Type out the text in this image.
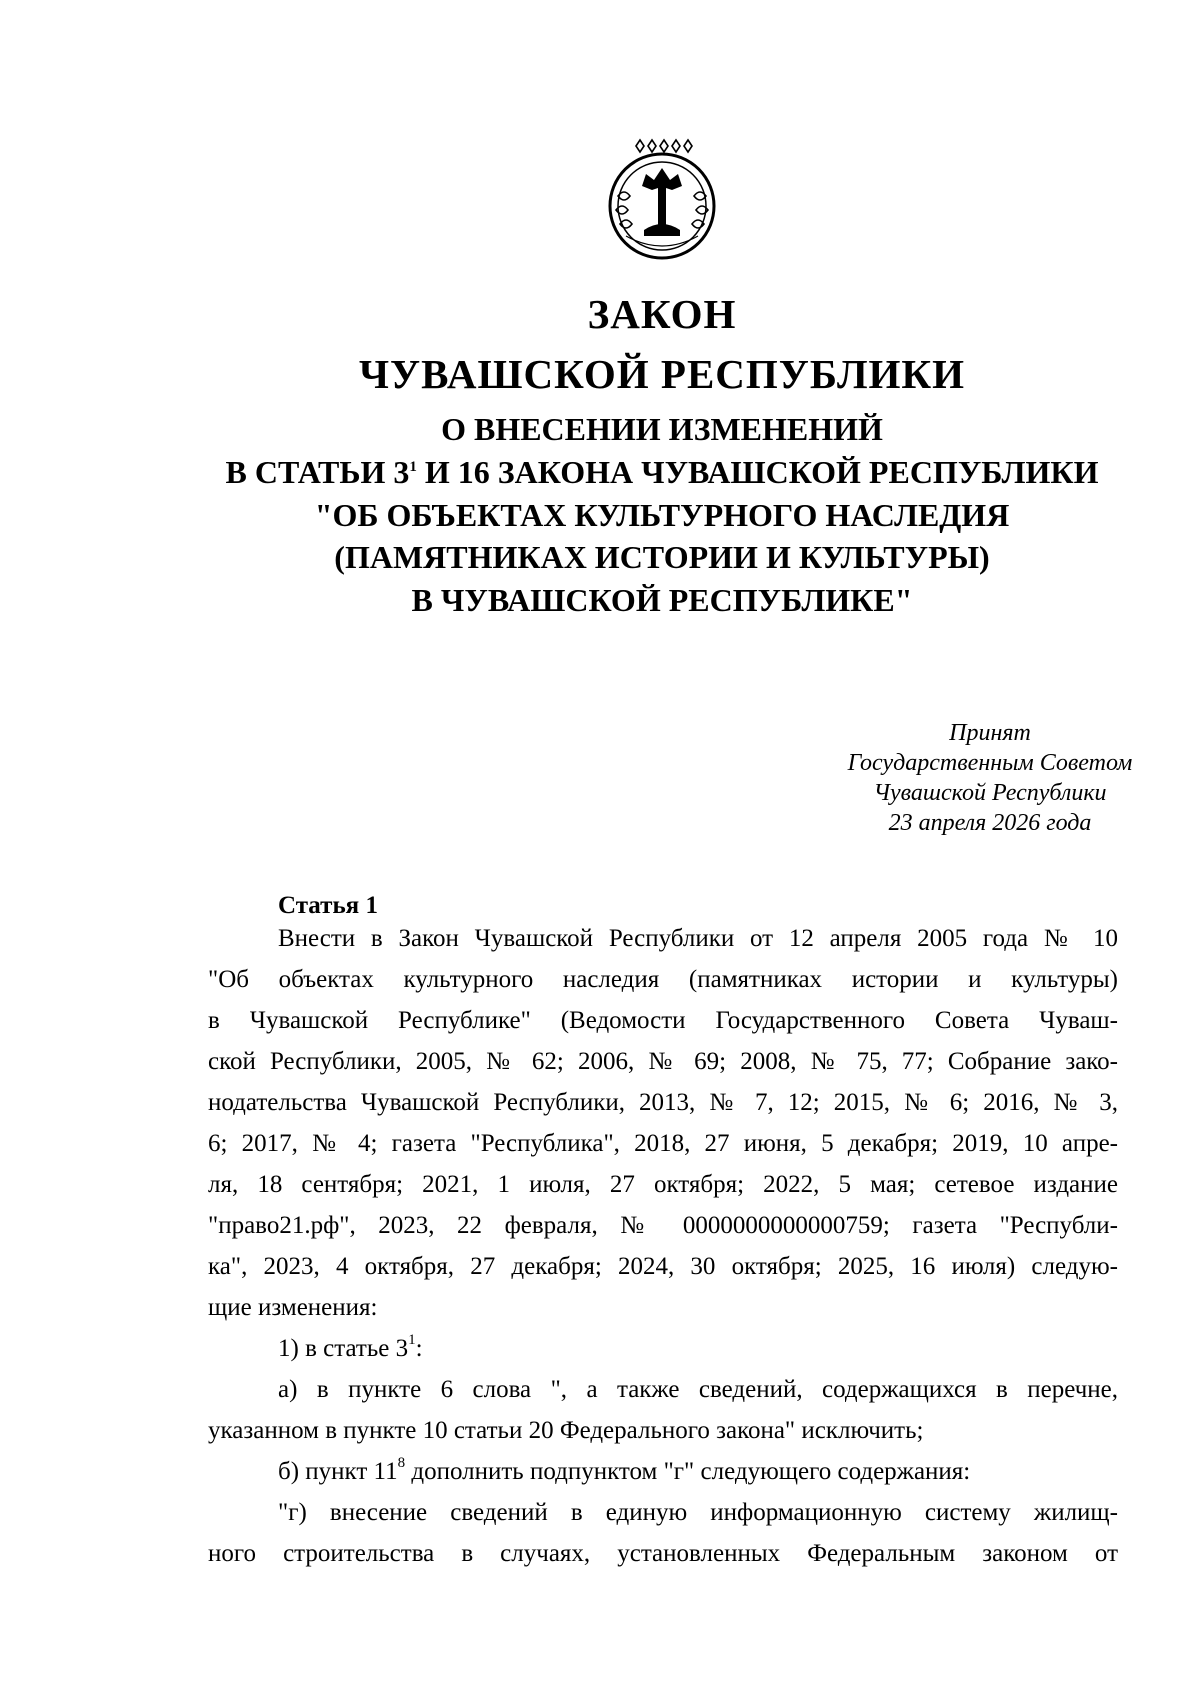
ЗАКОН
ЧУВАШСКОЙ РЕСПУБЛИКИ
О ВНЕСЕНИИ ИЗМЕНЕНИЙ
В СТАТЬИ $3^1$ И 16 ЗАКОНА ЧУВАШСКОЙ РЕСПУБЛИКИ
"ОБ ОБЪЕКТАХ КУЛЬТУРНОГО НАСЛЕДИЯ
(ПАМЯТНИКАХ ИСТОРИИ И КУЛЬТУРЫ)
В ЧУВАШСКОЙ РЕСПУБЛИКЕ"
Принят
Государственным Советом
Чувашской Республики
23 апреля 2026 года
Статья 1
Внести в Закон Чувашской Республики от 12 апреля 2005 года № 10
"Об объектах культурного наследия (памятниках истории и культуры)
в Чувашской Республике" (Ведомости Государственного Совета Чуваш-
ской Республики, 2005, № 62; 2006, № 69; 2008, № 75, 77; Собрание зако-
нодательства Чувашской Республики, 2013, № 7, 12; 2015, № 6; 2016, № 3,
6; 2017, № 4; газета "Республика", 2018, 27 июня, 5 декабря; 2019, 10 апре-
ля, 18 сентября; 2021, 1 июля, 27 октября; 2022, 5 мая; сетевое издание
"право21.рф", 2023, 22 февраля, № 0000000000000759; газета "Республи-
ка", 2023, 4 октября, 27 декабря; 2024, 30 октября; 2025, 16 июля) следую-
щие изменения:
1) в статье $3^1$:
а) в пункте 6 слова ", а также сведений, содержащихся в перечне,
указанном в пункте 10 статьи 20 Федерального закона" исключить;
б) пункт $11^8$ дополнить подпунктом "г" следующего содержания:
"г) внесение сведений в единую информационную систему жилищ-
ного строительства в случаях, установленных Федеральным законом от
